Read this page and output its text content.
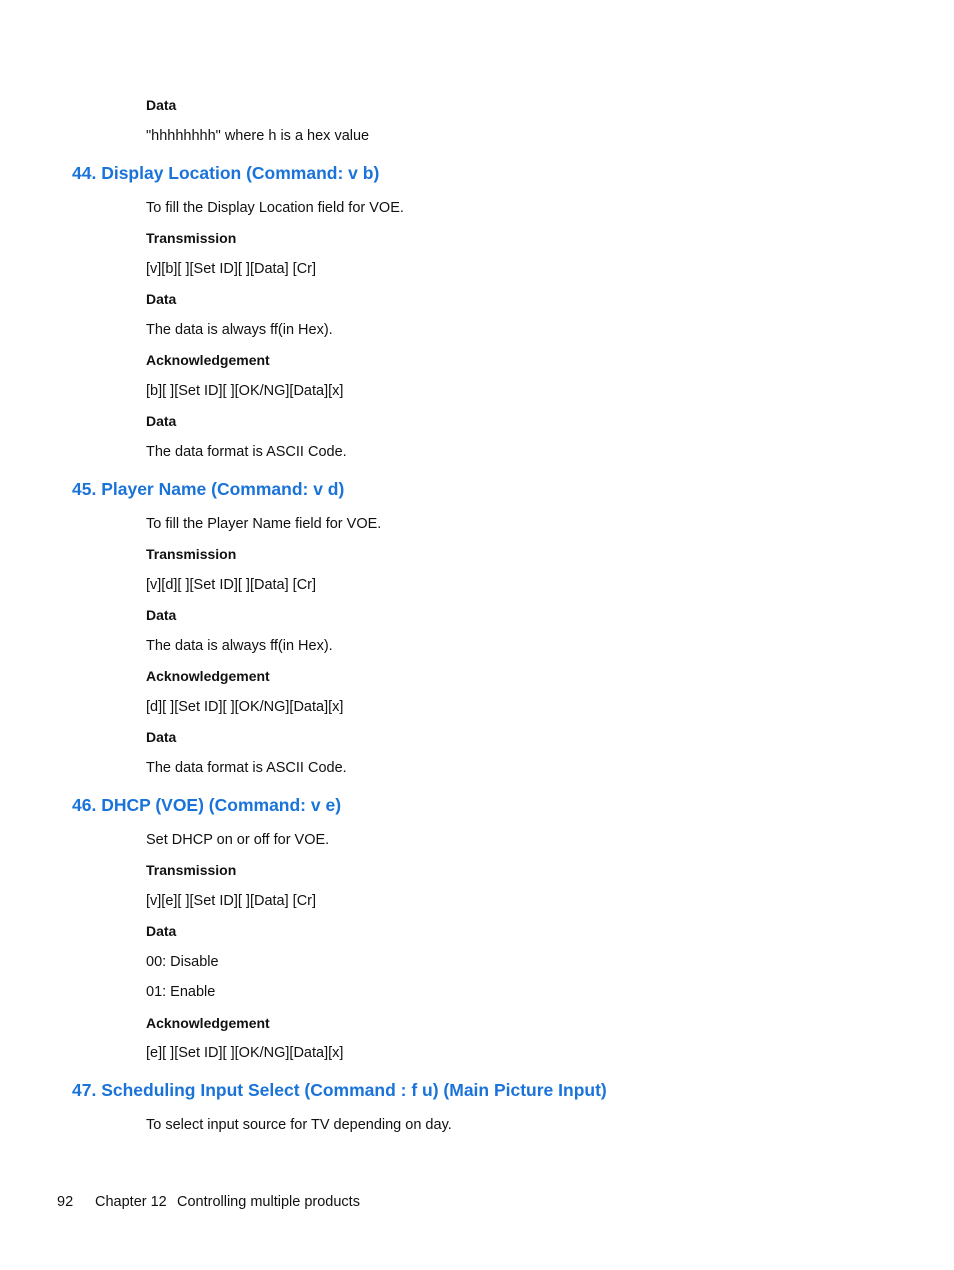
Data
"hhhhhhhh" where h is a hex value
44. Display Location (Command: v b)
To fill the Display Location field for VOE.
Transmission
[v][b][ ][Set ID][ ][Data] [Cr]
Data
The data is always ff(in Hex).
Acknowledgement
[b][ ][Set ID][ ][OK/NG][Data][x]
Data
The data format is ASCII Code.
45. Player Name (Command: v d)
To fill the Player Name field for VOE.
Transmission
[v][d][ ][Set ID][ ][Data] [Cr]
Data
The data is always ff(in Hex).
Acknowledgement
[d][ ][Set ID][ ][OK/NG][Data][x]
Data
The data format is ASCII Code.
46. DHCP (VOE) (Command: v e)
Set DHCP on or off for VOE.
Transmission
[v][e][ ][Set ID][ ][Data] [Cr]
Data
00: Disable
01: Enable
Acknowledgement
[e][ ][Set ID][ ][OK/NG][Data][x]
47. Scheduling Input Select (Command : f u) (Main Picture Input)
To select input source for TV depending on day.
92 Chapter 12 Controlling multiple products
